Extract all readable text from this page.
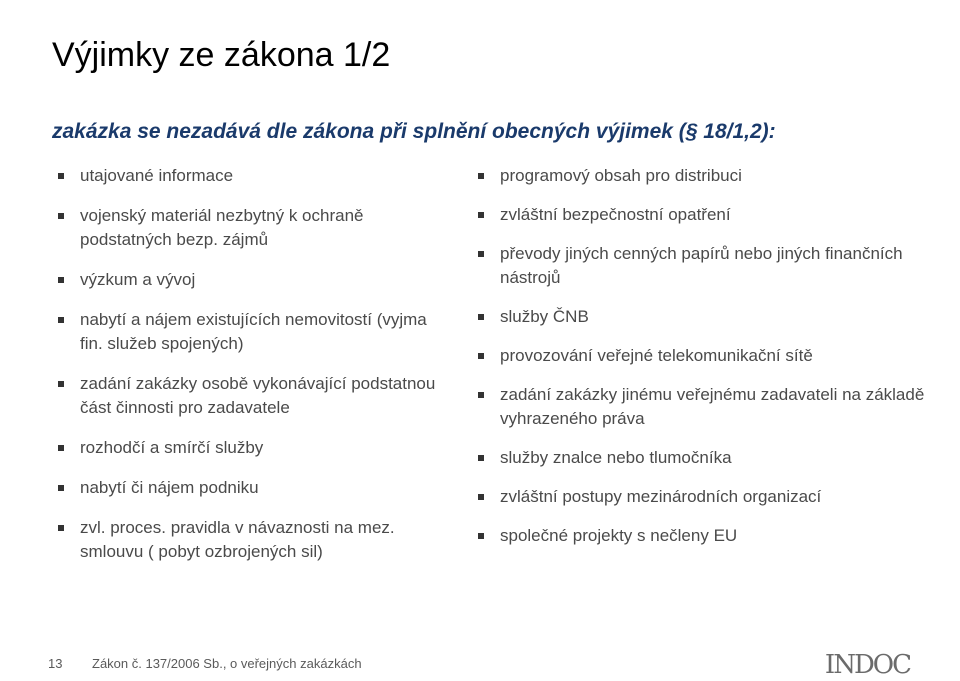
Výjimky ze zákona 1/2
zakázka se nezadává dle zákona při splnění obecných výjimek (§ 18/1,2):
utajované informace
vojenský materiál nezbytný k ochraně podstatných bezp. zájmů
výzkum a vývoj
nabytí a nájem existujících nemovitostí (vyjma fin. služeb spojených)
zadání zakázky osobě vykonávající podstatnou část činnosti pro zadavatele
rozhodčí a smírčí služby
nabytí či nájem podniku
zvl. proces. pravidla v návaznosti na mez. smlouvu ( pobyt ozbrojených sil)
programový obsah pro distribuci
zvláštní bezpečnostní opatření
převody jiných cenných papírů nebo jiných finančních nástrojů
služby ČNB
provozování veřejné telekomunikační sítě
zadání zakázky jinému veřejnému zadavateli na základě vyhrazeného práva
služby znalce nebo tlumočníka
zvláštní postupy mezinárodních organizací
společné projekty s nečleny EU
13 Zákon č. 137/2006 Sb., o veřejných zakázkách	INDOC
